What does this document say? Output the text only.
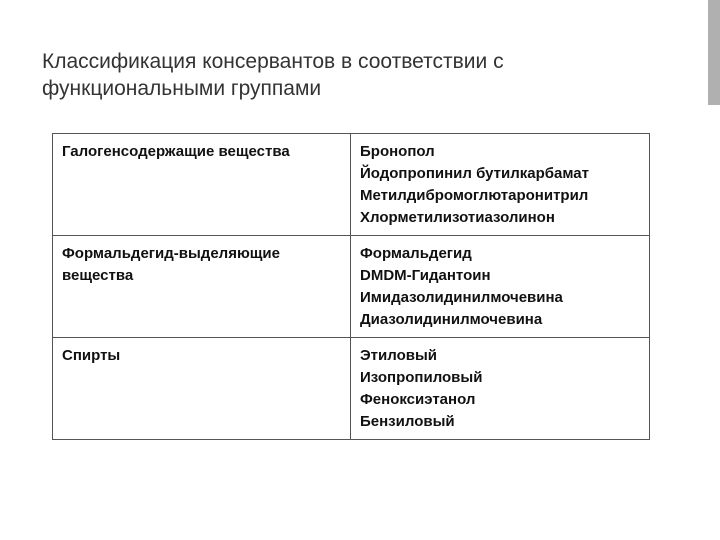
Классификация консервантов в соответствии с
функциональными группами
Галогенсодержащие вещества	Бронопол
Йодопропинил бутилкарбамат
Метилдибромоглютаронитрил
Хлорметилизотиазолинон

Формальдегид-выделяющие вещества	Формальдегид
DMDM-Гидантоин
Имидазолидинилмочевина
Диазолидинилмочевина

Спирты	Этиловый
Изопропиловый
Феноксиэтанол
Бензиловый
